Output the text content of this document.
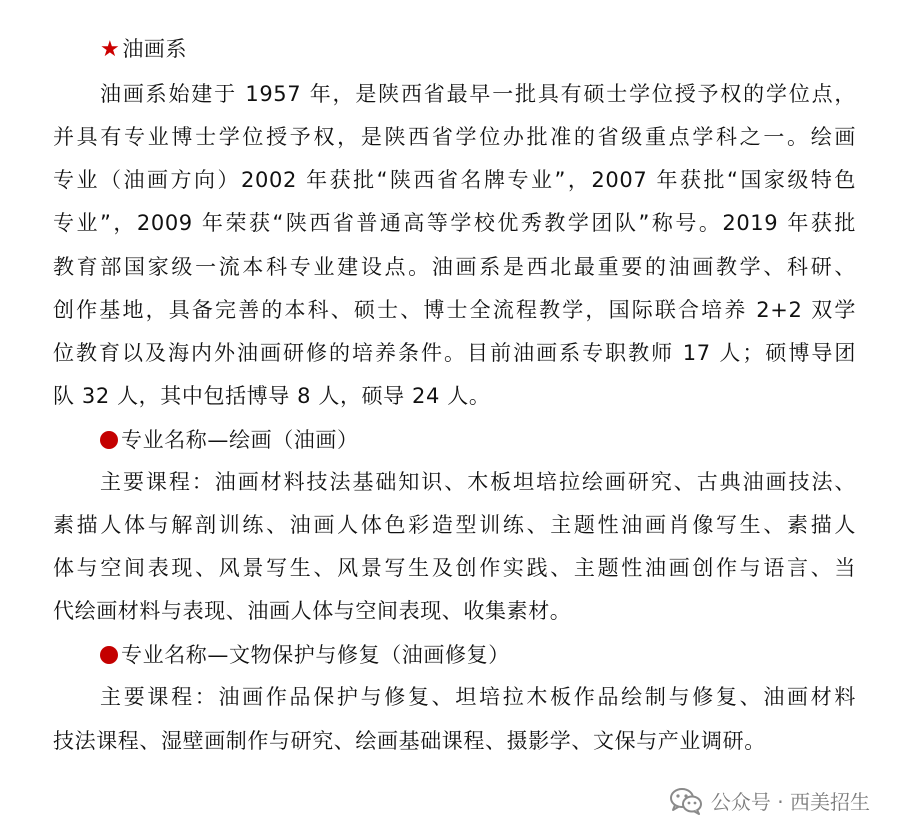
★油画系
油画系始建于 1957 年，是陕西省最早一批具有硕士学位授予权的学位点，
并具有专业博士学位授予权，是陕西省学位办批准的省级重点学科之一。绘画
专业（油画方向）2002 年获批“陕西省名牌专业”，2007 年获批“国家级特色
专业”，2009 年荣获“陕西省普通高等学校优秀教学团队”称号。2019 年获批
教育部国家级一流本科专业建设点。油画系是西北最重要的油画教学、科研、
创作基地，具备完善的本科、硕士、博士全流程教学，国际联合培养 2+2 双学
位教育以及海内外油画研修的培养条件。目前油画系专职教师 17 人；硕博导团
队 32 人，其中包括博导 8 人，硕导 24 人。
专业名称—绘画（油画）
主要课程：油画材料技法基础知识、木板坦培拉绘画研究、古典油画技法、
素描人体与解剖训练、油画人体色彩造型训练、主题性油画肖像写生、素描人
体与空间表现、风景写生、风景写生及创作实践、主题性油画创作与语言、当
代绘画材料与表现、油画人体与空间表现、收集素材。
专业名称—文物保护与修复（油画修复）
主要课程：油画作品保护与修复、坦培拉木板作品绘制与修复、油画材料
技法课程、湿壁画制作与研究、绘画基础课程、摄影学、文保与产业调研。
公众号 · 西美招生
